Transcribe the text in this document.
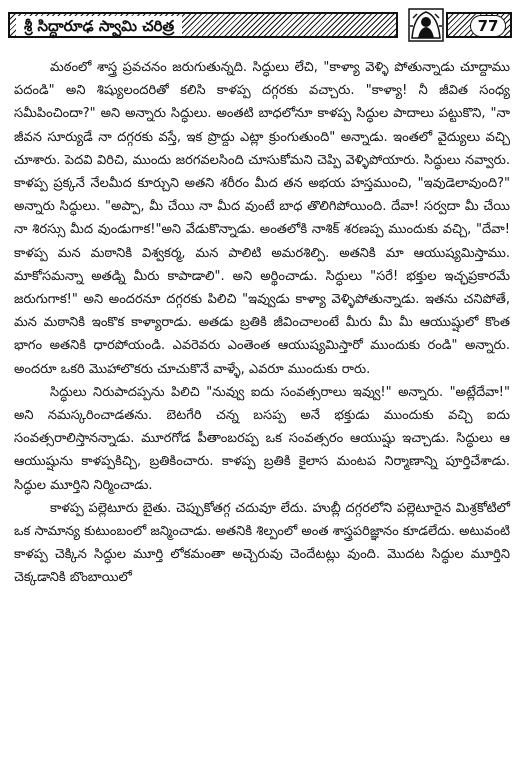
శ్రీ సిద్ధారూఢ స్వామి చరిత్ర	77

మఠంలో శాస్త్ర ప్రవచనం జరుగుతున్నది. సిద్ధులు లేచి, "కాళ్యా వెళ్ళి పోతున్నాడు చూద్దాము పదండి" అని శిష్యులందరితో కలిసి కాళప్ప దగ్గరకు వచ్చారు. "కాళ్యా! నీ జీవిత సంధ్య సమీపించిందా?" అని అన్నారు సిద్ధులు. అంతటి బాధలోనూ కాళప్ప సిద్ధుల పాదాలు పట్టుకొని, "నా జీవన సూర్యుడే నా దగ్గరకు వస్తే, ఇక ప్రొద్దు ఎట్లా క్రుంగుతుంది" అన్నాడు. ఇంతలో వైద్యులు వచ్చి చూశారు. పెదవి విరిచి, ముందు జరగవలసింది చూసుకోమని చెప్పి వెళ్ళిపోయారు. సిద్ధులు నవ్వారు. కాళప్ప ప్రక్కనే నేలమీద కూర్చుని అతని శరీరం మీద తన అభయ హస్తముంచి, "ఇవుడెలావుంది?" అన్నారు సిద్ధులు. "అప్పా, మీ చేయి నా మీద వుంటే బాధ తొలిగిపోయింది. దేవా! సర్వదా మీ చేయి నా శిరస్సు మీద వుండుగాక!"అని వేడుకొన్నాడు. అంతలోకి నాశిక్ శరణప్ప ముందుకు వచ్చి, "దేవా! కాళప్ప మన మఠానికి విశ్వకర్మ, మన పాలిటి అమరశిల్పి. అతనికి మా ఆయుష్యమిస్తాము. మాకోసమన్నా అతడ్ని మీరు కాపాడాలి". అని అర్థించాడు. సిద్ధులు "సరే! భక్తుల ఇచ్ఛప్రకారమే జరుగుగాక!" అని అందరనూ దగ్గరకు పిలిచి "ఇవ్వుడు కాళ్యా వెళ్ళిపోతున్నాడు. ఇతను చనిపోతే, మన మఠానికి ఇంకొక కాళ్యారాడు. అతడు బ్రతికి జీవించాలంటే మీరు మీ మీ ఆయుష్షులో కొంత భాగం అతనికి ధారపోయండి. ఎవరెవరు ఎంతెంత ఆయుష్యమిస్తారో ముందుకు రండి" అన్నారు. అందరూ ఒకరి మొహాలొకరు చూచుకొనే వాళ్ళే, ఎవరూ ముందుకు రారు.

సిద్ధులు నిరుపాదప్పను పిలిచి "నువ్వు ఐదు సంవత్సరాలు ఇవ్వు!" అన్నారు. "అట్లేదేవా!" అని నమస్కరించాడతను. బెటగేరి చన్న బసప్ప అనే భక్తుడు ముందుకు వచ్చి ఐదు సంవత్సరాలిస్తానన్నాడు. మూరగోడ పీతాంబరప్ప ఒక సంవత్సరం ఆయుష్షు ఇచ్చాడు. సిద్ధులు ఆ ఆయుష్షును కాళప్పకిచ్చి, బ్రతికించారు. కాళప్ప బ్రతికి కైలాస మంటప నిర్మాణాన్ని పూర్తిచేశాడు. సిద్ధుల మూర్తిని నిర్మించాడు.

కాళప్ప పల్లెటూరు బైతు. చెప్పుకోతగ్గ చదువూ లేదు. హుబ్లీ దగ్గరలోని పల్లెటూరైన మిశ్రకోటిలో ఒక సామాన్య కుటుంబంలో జన్మించాడు. అతనికి శిల్పంలో అంత శాస్త్రపరిజ్ఞానం కూడలేదు. అటువంటి కాళప్ప చెక్కిన సిద్ధుల మూర్తి లోకమంతా అచ్చెరువు చెందేటట్లు వుంది. మొదట సిద్ధుల మూర్తిని చెక్కడానికి బొంబాయిలో
